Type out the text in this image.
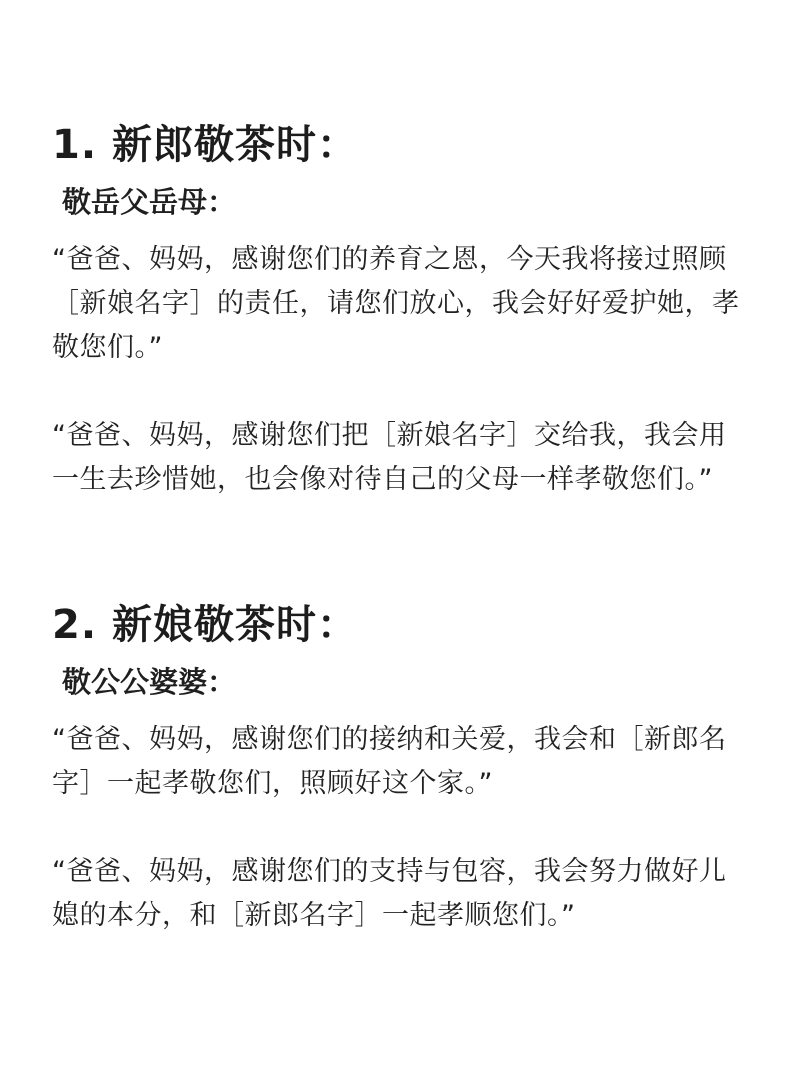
1. 新郎敬茶时：
敬岳父岳母：

“爸爸、妈妈，感谢您们的养育之恩，今天我将接过照顾［新娘名字］的责任，请您们放心，我会好好爱护她，孝敬您们。”

“爸爸、妈妈，感谢您们把［新娘名字］交给我，我会用一生去珍惜她，也会像对待自己的父母一样孝敬您们。”

2. 新娘敬茶时：
敬公公婆婆：

“爸爸、妈妈，感谢您们的接纳和关爱，我会和［新郎名字］一起孝敬您们，照顾好这个家。”

“爸爸、妈妈，感谢您们的支持与包容，我会努力做好儿媳的本分，和［新郎名字］一起孝顺您们。”
